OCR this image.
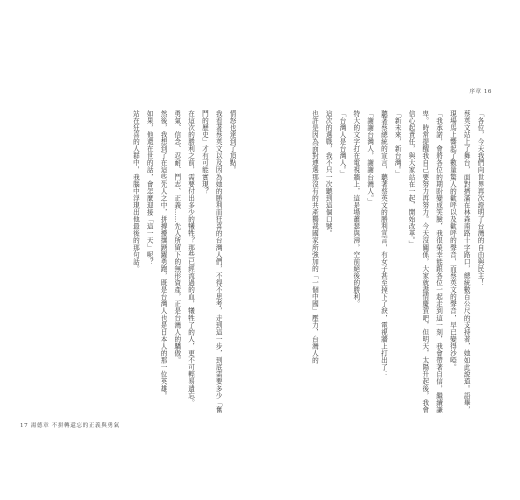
17 湯德章 不拼轉還忘的正義與勇氣

情怒也達到了頂點。

我看著蔡英文以及因為她的勝利而狂喜的台灣人們，不得不思考，走到這一步，到底需要多少「奮鬥的歷史」才有可能實現？

在這次的勝利之前，需要付出多少的犧牲？那些已經流過的血，犧牲了的人，更不可輕易遺忘。

勇氣、信念、忍耐、鬥志、正義……先人所留下的無形資產，正是台灣人的驕傲。

然後，我想到了在這些先人之中，拼搏擾攘踴躍勇跑，既是台灣人也是日本人的那一位英雄。

如果，他還在世的話，會怎麼迎接「這一天」呢？

站在狂喜的人群中，我腦中浮現出他最後的那句話。

序章 16

「各位，今天我們向世界再次證明了台灣的自由與民主！

蔡英文站上了舞台，面對擠滿在林森南路十字路口，總統數百公尺的支持者，她如此說道。語畢，現場馬上響起了數量驚人的歡呼以及歡呼的聲音，而蔡英文的聲音，早已變得沙啞。

「我承諾，會將各位的期盼變成笑臉，我很榮幸能跟各位一起走到這一刻，我會帶著自信，繼續謙卑。時常提醒我自己要努力再努力。今天沒關係，大家就盡情慶賀吧，但明天，太陽升起後，我會信心起責任，與大家站在一起，開始改革。」

「新未來，新台灣。」

聽著蔡總統的宣言，聽著蔡英文的勝利宣言，有女子甚至掉下了淚，電視牆上打出了：

「謝謝台灣人，謝謝台灣人。」

特大的文字打在電視牆上，這是場蕭瑟與沸，空前絕後的勝利。

「台灣人是台灣人。」

這次的選戰，我不只一次聽到這個口號。

也許是因為面對連選那沒有的共產獨裁國家所強加的「一個中國」壓力，台灣人的
